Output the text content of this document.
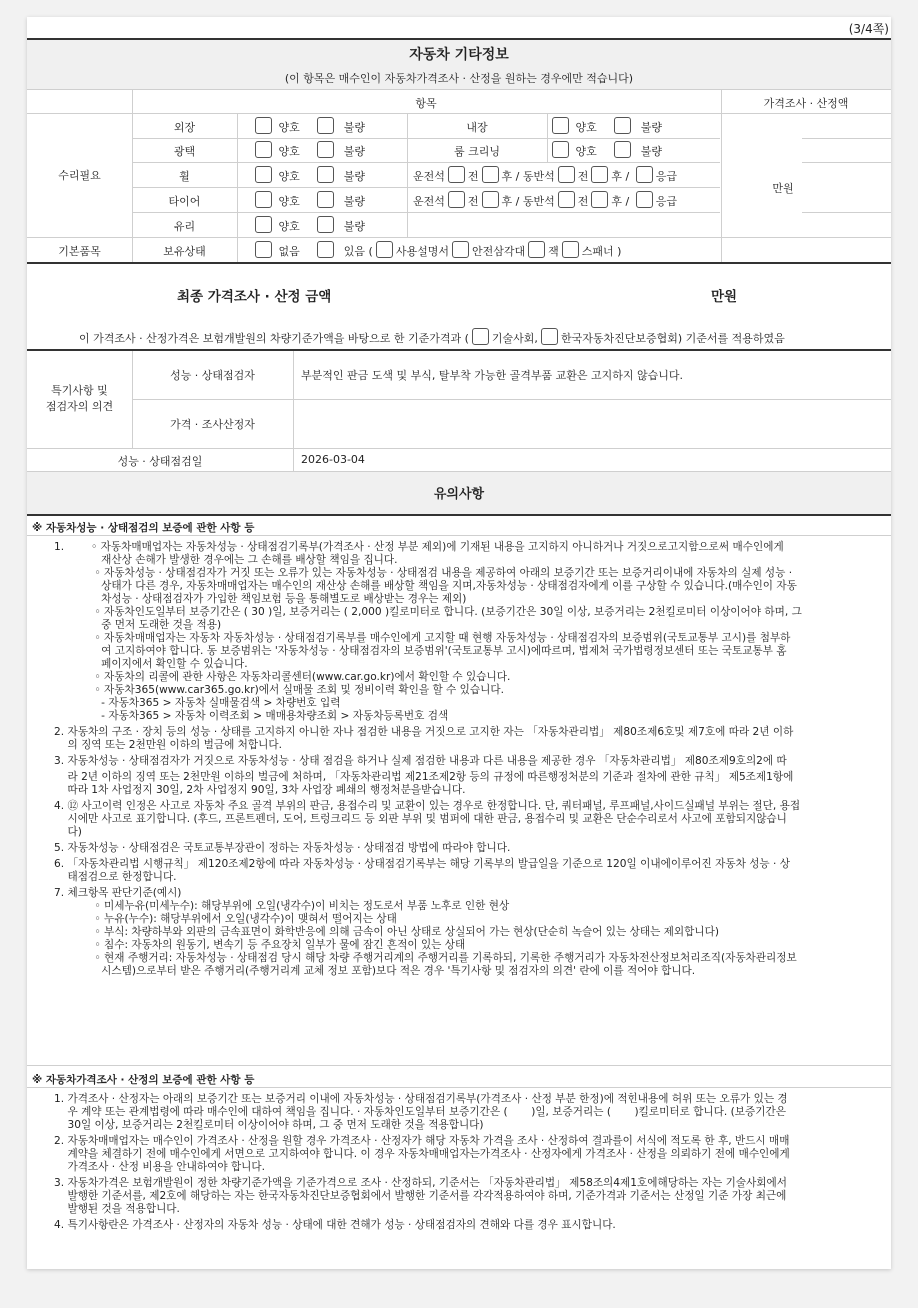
(3/4쪽)
자동차 기타정보
(이 항목은 매수인이 자동차가격조사 · 산정을 원하는 경우에만 적습니다)
항목	가격조사 · 산정액
수리필요
만원
외장	양호	불량	내장	양호	불량
광택	양호	불량	룸 크리닝	양호	불량
휠	양호	불량	운전석 전 후 / 동반석 전 후 / 응급
타이어	양호	불량	운전석 전 후 / 동반석 전 후 / 응급
유리	양호	불량
기본품목	보유상태	없음	있음 ( 사용설명서 안전삼각대 잭 스패너 )
최종 가격조사 · 산정 금액	만원
이 가격조사 · 산정가격은 보험개발원의 차량기준가액을 바탕으로 한 기준가격과 ( 기술사회, 한국자동차진단보증협회) 기준서를 적용하였음
특기사항 및
점검자의 의견
성능 · 상태점검자	부분적인 판금 도색 및 부식, 탈부착 가능한 골격부품 교환은 고지하지 않습니다.
가격 · 조사산정자
성능 · 상태점검일	2026-03-04
유의사항
※ 자동차성능 · 상태점검의 보증에 관한 사항 등
1.        ◦ 자동차매매업자는 자동차성능 · 상태점검기록부(가격조사 · 산정 부분 제외)에 기재된 내용을 고지하지 아니하거나 거짓으로고지함으로써 매수인에게
재산상 손해가 발생한 경우에는 그 손해를 배상할 책임을 집니다.
◦ 자동차성능 · 상태점검자가 거짓 또는 오류가 있는 자동차성능 · 상태점검 내용을 제공하여 아래의 보증기간 또는 보증거리이내에 자동차의 실제 성능 ·
상태가 다른 경우, 자동차매매업자는 매수인의 재산상 손해를 배상할 책임을 지며,자동차성능 · 상태점검자에게 이를 구상할 수 있습니다.(매수인이 자동
차성능 · 상태점검자가 가입한 책임보험 등을 통해별도로 배상받는 경우는 제외)
◦ 자동차인도일부터 보증기간은 ( 30 )일, 보증거리는 ( 2,000 )킬로미터로 합니다. (보증기간은 30일 이상, 보증거리는 2천킬로미터 이상이어야 하며, 그
중 먼저 도래한 것을 적용)
◦ 자동차매매업자는 자동차 자동차성능 · 상태점검기록부를 매수인에게 고지할 때 현행 자동차성능 · 상태점검자의 보증범위(국토교통부 고시)를 첨부하
여 고지하여야 합니다. 동 보증범위는 '자동차성능 · 상태점검자의 보증범위'(국토교통부 고시)에따르며, 법제처 국가법령정보센터 또는 국토교통부 홈
페이지에서 확인할 수 있습니다.
◦ 자동차의 리콜에 관한 사항은 자동차리콜센터(www.car.go.kr)에서 확인할 수 있습니다.
◦ 자동차365(www.car365.go.kr)에서 실매물 조회 및 정비이력 확인을 할 수 있습니다.
- 자동차365 > 자동차 실매물검색 > 차량번호 입력
- 자동차365 > 자동차 이력조회 > 매매용차량조회 > 자동차등록번호 검색
2. 자동차의 구조 · 장치 등의 성능 · 상태를 고지하지 아니한 자나 점검한 내용을 거짓으로 고지한 자는 「자동차관리법」 제80조제6호및 제7호에 따라 2년 이하
의 징역 또는 2천만원 이하의 벌금에 처합니다.
3. 자동차성능 · 상태점검자가 거짓으로 자동차성능 · 상태 점검을 하거나 실제 점검한 내용과 다른 내용을 제공한 경우 「자동차관리법」 제80조제9호의2에 따
라 2년 이하의 징역 또는 2천만원 이하의 벌금에 처하며, 「자동차관리법 제21조제2항 등의 규정에 따른행정처분의 기준과 절차에 관한 규칙」 제5조제1항에
따라 1차 사업정지 30일, 2차 사업정지 90일, 3차 사업장 폐쇄의 행정처분을받습니다.
4. ⑫ 사고이력 인정은 사고로 자동차 주요 골격 부위의 판금, 용접수리 및 교환이 있는 경우로 한정합니다. 단, 쿼터패널, 루프패널,사이드실패널 부위는 절단, 용접
시에만 사고로 표기합니다. (후드, 프론트펜더, 도어, 트렁크리드 등 외판 부위 및 범퍼에 대한 판금, 용접수리 및 교환은 단순수리로서 사고에 포함되지않습니
다)
5. 자동차성능 · 상태점검은 국토교통부장관이 정하는 자동차성능 · 상태점검 방법에 따라야 합니다.
6. 「자동차관리법 시행규칙」 제120조제2항에 따라 자동차성능 · 상태점검기록부는 해당 기록부의 발급일을 기준으로 120일 이내에이루어진 자동차 성능 · 상
태점검으로 한정합니다.
7. 체크항목 판단기준(예시)
◦ 미세누유(미세누수): 해당부위에 오일(냉각수)이 비치는 정도로서 부품 노후로 인한 현상
◦ 누유(누수): 해당부위에서 오일(냉각수)이 맺혀서 떨어지는 상태
◦ 부식: 차량하부와 외판의 금속표면이 화학반응에 의해 금속이 아닌 상태로 상실되어 가는 현상(단순히 녹슬어 있는 상태는 제외합니다)
◦ 침수: 자동차의 원동기, 변속기 등 주요장치 일부가 물에 잠긴 흔적이 있는 상태
◦ 현재 주행거리: 자동차성능 · 상태점검 당시 해당 차량 주행거리계의 주행거리를 기록하되, 기록한 주행거리가 자동차전산정보처리조직(자동차관리정보
시스템)으로부터 받은 주행거리(주행거리계 교체 정보 포함)보다 적은 경우 '특기사항 및 점검자의 의견' 란에 이를 적어야 합니다.
※ 자동차가격조사 · 산정의 보증에 관한 사항 등
1. 가격조사 · 산정자는 아래의 보증기간 또는 보증거리 이내에 자동차성능 · 상태점검기록부(가격조사 · 산정 부분 한정)에 적힌내용에 허위 또는 오류가 있는 경
우 계약 또는 관계법령에 따라 매수인에 대하여 책임을 집니다. · 자동차인도일부터 보증기간은 (       )일, 보증거리는 (       )킬로미터로 합니다. (보증기간은
30일 이상, 보증거리는 2천킬로미터 이상이어야 하며, 그 중 먼저 도래한 것을 적용합니다)
2. 자동차매매업자는 매수인이 가격조사 · 산정을 원할 경우 가격조사 · 산정자가 해당 자동차 가격을 조사 · 산정하여 결과를이 서식에 적도록 한 후, 반드시 매매
계약을 체결하기 전에 매수인에게 서면으로 고지하여야 합니다. 이 경우 자동차매매업자는가격조사 · 산정자에게 가격조사 · 산정을 의뢰하기 전에 매수인에게
가격조사 · 산정 비용을 안내하여야 합니다.
3. 자동차가격은 보험개발원이 정한 차량기준가액을 기준가격으로 조사 · 산정하되, 기준서는 「자동차관리법」 제58조의4제1호에해당하는 자는 기술사회에서
발행한 기준서를, 제2호에 해당하는 자는 한국자동차진단보증협회에서 발행한 기준서를 각각적용하여야 하며, 기준가격과 기준서는 산정일 기준 가장 최근에
발행된 것을 적용합니다.
4. 특기사항란은 가격조사 · 산정자의 자동차 성능 · 상태에 대한 견해가 성능 · 상태점검자의 견해와 다를 경우 표시합니다.
